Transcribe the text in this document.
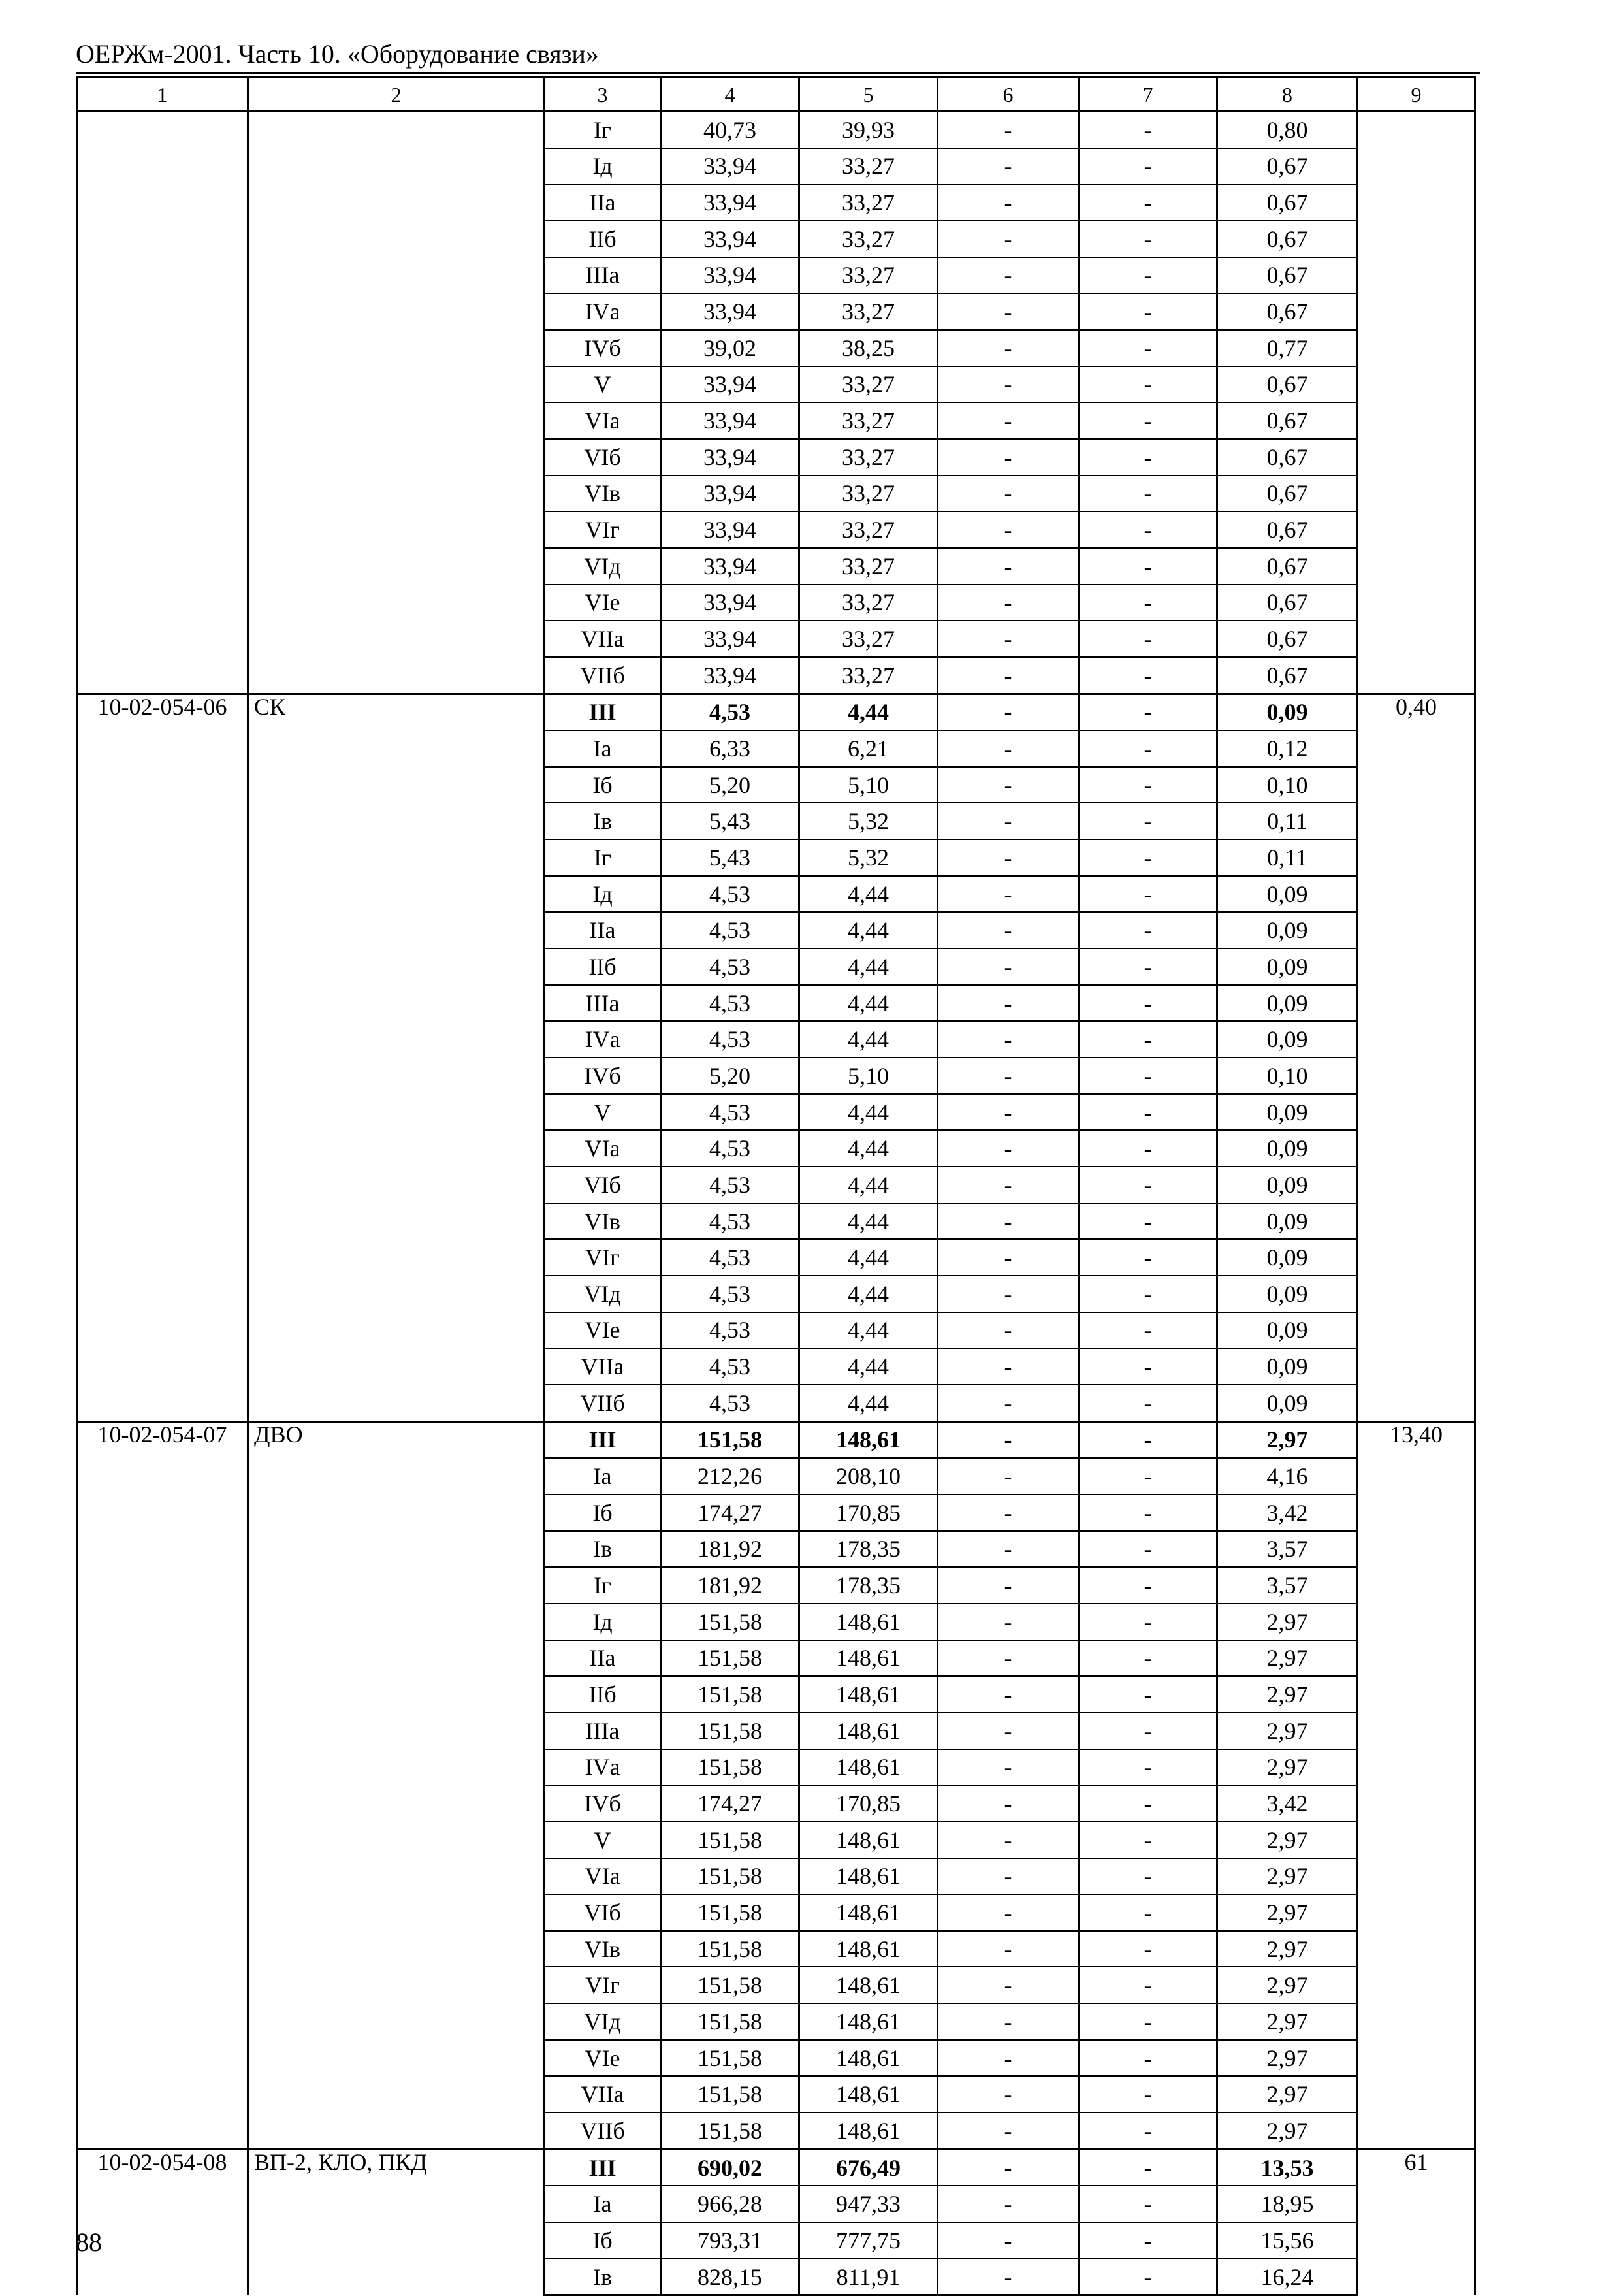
ОЕРЖм-2001. Часть 10. «Оборудование связи»
1	2	3	4	5	6	7	8	9
		Iг	40,73	39,93	-	-	0,80	
		Iд	33,94	33,27	-	-	0,67	
		IIа	33,94	33,27	-	-	0,67	
		IIб	33,94	33,27	-	-	0,67	
		IIIа	33,94	33,27	-	-	0,67	
		IVа	33,94	33,27	-	-	0,67	
		IVб	39,02	38,25	-	-	0,77	
		V	33,94	33,27	-	-	0,67	
		VIа	33,94	33,27	-	-	0,67	
		VIб	33,94	33,27	-	-	0,67	
		VIв	33,94	33,27	-	-	0,67	
		VIг	33,94	33,27	-	-	0,67	
		VIд	33,94	33,27	-	-	0,67	
		VIе	33,94	33,27	-	-	0,67	
		VIIа	33,94	33,27	-	-	0,67	
		VIIб	33,94	33,27	-	-	0,67	
10-02-054-06	СК	III	4,53	4,44	-	-	0,09	0,40
		Iа	6,33	6,21	-	-	0,12	
		Iб	5,20	5,10	-	-	0,10	
		Iв	5,43	5,32	-	-	0,11	
		Iг	5,43	5,32	-	-	0,11	
		Iд	4,53	4,44	-	-	0,09	
		IIа	4,53	4,44	-	-	0,09	
		IIб	4,53	4,44	-	-	0,09	
		IIIа	4,53	4,44	-	-	0,09	
		IVа	4,53	4,44	-	-	0,09	
		IVб	5,20	5,10	-	-	0,10	
		V	4,53	4,44	-	-	0,09	
		VIа	4,53	4,44	-	-	0,09	
		VIб	4,53	4,44	-	-	0,09	
		VIв	4,53	4,44	-	-	0,09	
		VIг	4,53	4,44	-	-	0,09	
		VIд	4,53	4,44	-	-	0,09	
		VIе	4,53	4,44	-	-	0,09	
		VIIа	4,53	4,44	-	-	0,09	
		VIIб	4,53	4,44	-	-	0,09	
10-02-054-07	ДВО	III	151,58	148,61	-	-	2,97	13,40
		Iа	212,26	208,10	-	-	4,16	
		Iб	174,27	170,85	-	-	3,42	
		Iв	181,92	178,35	-	-	3,57	
		Iг	181,92	178,35	-	-	3,57	
		Iд	151,58	148,61	-	-	2,97	
		IIа	151,58	148,61	-	-	2,97	
		IIб	151,58	148,61	-	-	2,97	
		IIIа	151,58	148,61	-	-	2,97	
		IVа	151,58	148,61	-	-	2,97	
		IVб	174,27	170,85	-	-	3,42	
		V	151,58	148,61	-	-	2,97	
		VIа	151,58	148,61	-	-	2,97	
		VIб	151,58	148,61	-	-	2,97	
		VIв	151,58	148,61	-	-	2,97	
		VIг	151,58	148,61	-	-	2,97	
		VIд	151,58	148,61	-	-	2,97	
		VIе	151,58	148,61	-	-	2,97	
		VIIа	151,58	148,61	-	-	2,97	
		VIIб	151,58	148,61	-	-	2,97	
10-02-054-08	ВП-2, КЛО, ПКД	III	690,02	676,49	-	-	13,53	61
		Iа	966,28	947,33	-	-	18,95	
		Iб	793,31	777,75	-	-	15,56	
		Iв	828,15	811,91	-	-	16,24	
88
